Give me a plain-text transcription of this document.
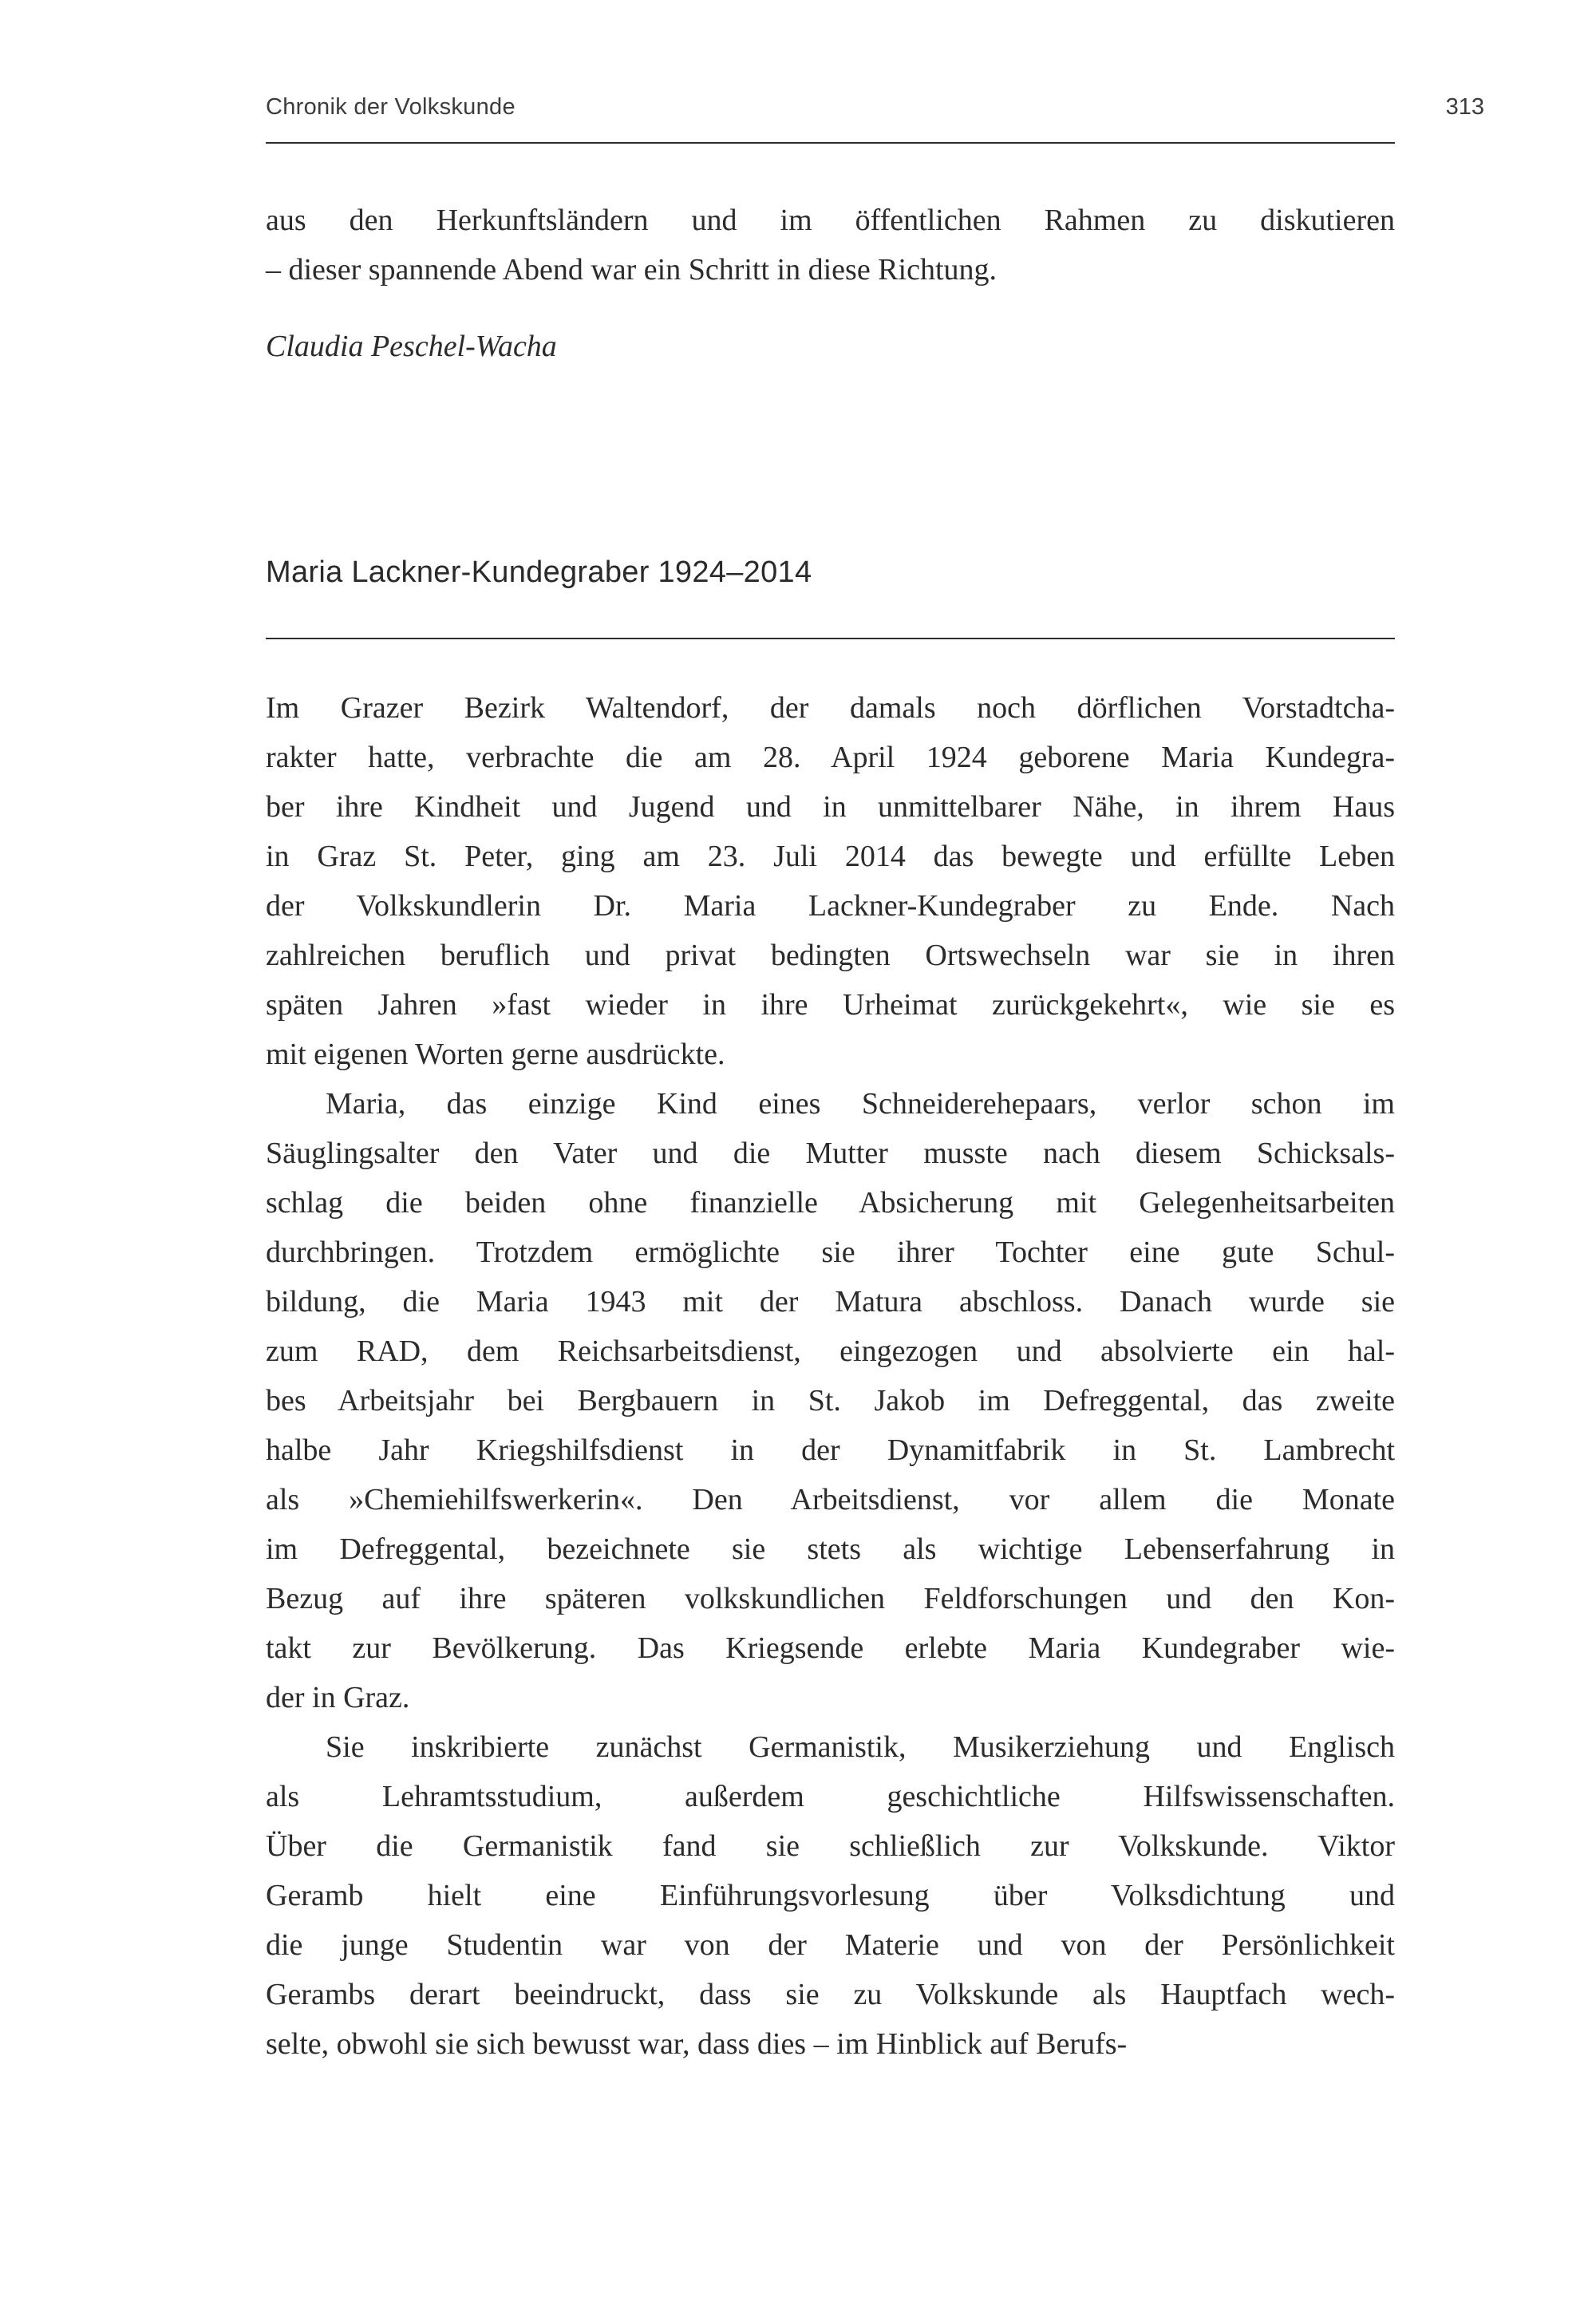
Chronik der Volkskunde	313
aus den Herkunftsländern und im öffentlichen Rahmen zu diskutieren
– dieser spannende Abend war ein Schritt in diese Richtung.
Claudia Peschel-Wacha
Maria Lackner-Kundegraber 1924–2014
Im Grazer Bezirk Waltendorf, der damals noch dörflichen Vorstadtcha-
rakter hatte, verbrachte die am 28. April 1924 geborene Maria Kundegra-
ber ihre Kindheit und Jugend und in unmittelbarer Nähe, in ihrem Haus
in Graz St. Peter, ging am 23. Juli 2014 das bewegte und erfüllte Leben
der Volkskundlerin Dr. Maria Lackner-Kundegraber zu Ende. Nach
zahlreichen beruflich und privat bedingten Ortswechseln war sie in ihren
späten Jahren »fast wieder in ihre Urheimat zurückgekehrt«, wie sie es
mit eigenen Worten gerne ausdrückte.
Maria, das einzige Kind eines Schneiderehepaars, verlor schon im
Säuglingsalter den Vater und die Mutter musste nach diesem Schicksals-
schlag die beiden ohne finanzielle Absicherung mit Gelegenheitsarbeiten
durchbringen. Trotzdem ermöglichte sie ihrer Tochter eine gute Schul-
bildung, die Maria 1943 mit der Matura abschloss. Danach wurde sie
zum RAD, dem Reichsarbeitsdienst, eingezogen und absolvierte ein hal-
bes Arbeitsjahr bei Bergbauern in St. Jakob im Defreggental, das zweite
halbe Jahr Kriegshilfsdienst in der Dynamitfabrik in St. Lambrecht
als »Chemiehilfswerkerin«. Den Arbeitsdienst, vor allem die Monate
im Defreggental, bezeichnete sie stets als wichtige Lebenserfahrung in
Bezug auf ihre späteren volkskundlichen Feldforschungen und den Kon-
takt zur Bevölkerung. Das Kriegsende erlebte Maria Kundegraber wie-
der in Graz.
Sie inskribierte zunächst Germanistik, Musikerziehung und Englisch
als Lehramtsstudium, außerdem geschichtliche Hilfswissenschaften.
Über die Germanistik fand sie schließlich zur Volkskunde. Viktor
Geramb hielt eine Einführungsvorlesung über Volksdichtung und
die junge Studentin war von der Materie und von der Persönlichkeit
Gerambs derart beeindruckt, dass sie zu Volkskunde als Hauptfach wech-
selte, obwohl sie sich bewusst war, dass dies – im Hinblick auf Berufs-
